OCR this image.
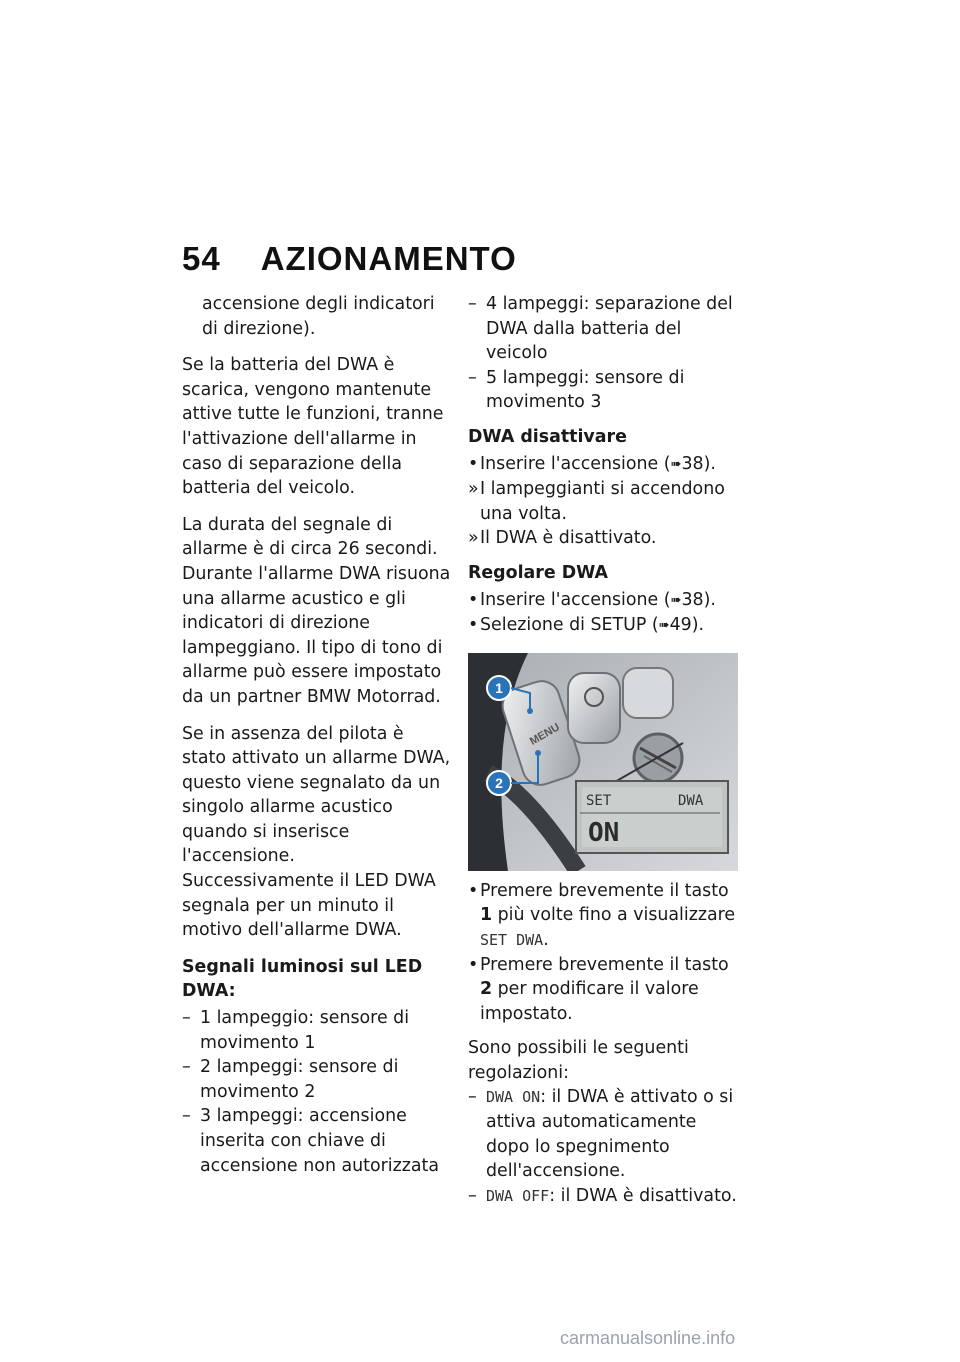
54 AZIONAMENTO

accensione degli indicatori di direzione).

Se la batteria del DWA è scarica, vengono mantenute attive tutte le funzioni, tranne l'attivazione dell'allarme in caso di separazione della batteria del veicolo.

La durata del segnale di allarme è di circa 26 secondi. Durante l'allarme DWA risuona una allarme acustico e gli indicatori di direzione lampeggiano. Il tipo di tono di allarme può essere impostato da un partner BMW Motorrad.

Se in assenza del pilota è stato attivato un allarme DWA, questo viene segnalato da un singolo allarme acustico quando si inserisce l'accensione. Successivamente il LED DWA segnala per un minuto il motivo dell'allarme DWA.

Segnali luminosi sul LED DWA:
– 1 lampeggio: sensore di movimento 1
– 2 lampeggi: sensore di movimento 2
– 3 lampeggi: accensione inserita con chiave di accensione non autorizzata
– 4 lampeggi: separazione del DWA dalla batteria del veicolo
– 5 lampeggi: sensore di movimento 3
DWA disattivare
• Inserire l'accensione (➠38).
» I lampeggianti si accendono una volta.
» Il DWA è disattivato.
Regolare DWA
• Inserire l'accensione (➠38).
• Selezione di SETUP (➠49).
1
2
MENU
SET	DWA
ON
• Premere brevemente il tasto 1 più volte fino a visualizzare SET DWA.
• Premere brevemente il tasto 2 per modificare il valore impostato.

Sono possibili le seguenti regolazioni:

– DWA ON: il DWA è attivato o si attiva automaticamente dopo lo spegnimento dell'accensione.
– DWA OFF: il DWA è disattivato.
carmanualsonline.info
